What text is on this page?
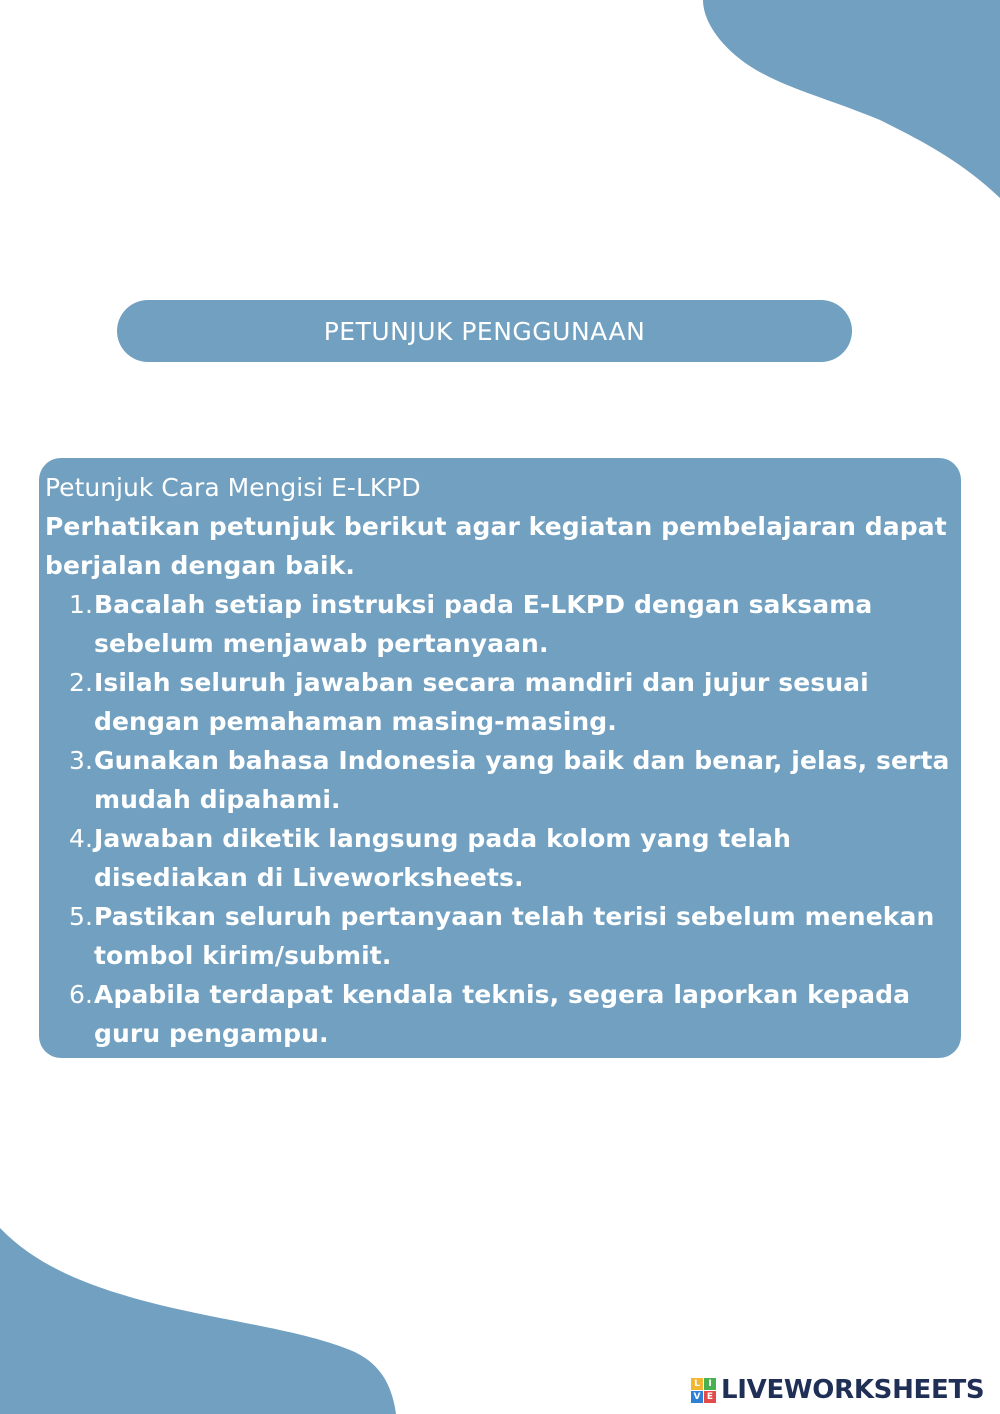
PETUNJUK PENGGUNAAN

Petunjuk Cara Mengisi E-LKPD

Perhatikan petunjuk berikut agar kegiatan pembelajaran dapat berjalan dengan baik.

1. Bacalah setiap instruksi pada E-LKPD dengan saksama sebelum menjawab pertanyaan.
2. Isilah seluruh jawaban secara mandiri dan jujur sesuai dengan pemahaman masing-masing.
3. Gunakan bahasa Indonesia yang baik dan benar, jelas, serta mudah dipahami.
4. Jawaban diketik langsung pada kolom yang telah disediakan di Liveworksheets.
5. Pastikan seluruh pertanyaan telah terisi sebelum menekan tombol kirim/submit.
6. Apabila terdapat kendala teknis, segera laporkan kepada guru pengampu.
L I
V E LIVEWORKSHEETS
